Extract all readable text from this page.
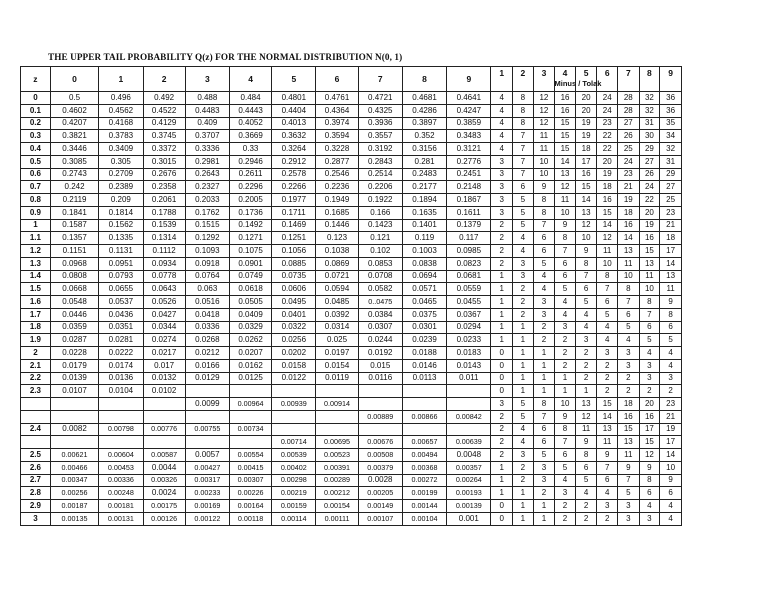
THE UPPER TAIL PROBABILITY Q(z) FOR THE NORMAL DISTRIBUTION N(0, 1)
z	0	1	2	3	4	5	6	7	8	9	1	2	3	4	5	6	7	8	9
0	0.5	0.496	0.492	0.488	0.484	0.4801	0.4761	0.4721	0.4681	0.4641	4	8	12	16	20	24	28	32	36
0.1	0.4602	0.4562	0.4522	0.4483	0.4443	0.4404	0.4364	0.4325	0.4286	0.4247	4	8	12	16	20	24	28	32	36
0.2	0.4207	0.4168	0.4129	0.409	0.4052	0.4013	0.3974	0.3936	0.3897	0.3859	4	8	12	15	19	23	27	31	35
0.3	0.3821	0.3783	0.3745	0.3707	0.3669	0.3632	0.3594	0.3557	0.352	0.3483	4	7	11	15	19	22	26	30	34
0.4	0.3446	0.3409	0.3372	0.3336	0.33	0.3264	0.3228	0.3192	0.3156	0.3121	4	7	11	15	18	22	25	29	32
0.5	0.3085	0.305	0.3015	0.2981	0.2946	0.2912	0.2877	0.2843	0.281	0.2776	3	7	10	14	17	20	24	27	31
0.6	0.2743	0.2709	0.2676	0.2643	0.2611	0.2578	0.2546	0.2514	0.2483	0.2451	3	7	10	13	16	19	23	26	29
0.7	0.242	0.2389	0.2358	0.2327	0.2296	0.2266	0.2236	0.2206	0.2177	0.2148	3	6	9	12	15	18	21	24	27
0.8	0.2119	0.209	0.2061	0.2033	0.2005	0.1977	0.1949	0.1922	0.1894	0.1867	3	5	8	11	14	16	19	22	25
0.9	0.1841	0.1814	0.1788	0.1762	0.1736	0.1711	0.1685	0.166	0.1635	0.1611	3	5	8	10	13	15	18	20	23
1	0.1587	0.1562	0.1539	0.1515	0.1492	0.1469	0.1446	0.1423	0.1401	0.1379	2	5	7	9	12	14	16	19	21
1.1	0.1357	0.1335	0.1314	0.1292	0.1271	0.1251	0.123	0.121	0.119	0.117	2	4	6	8	10	12	14	16	18
1.2	0.1151	0.1131	0.1112	0.1093	0.1075	0.1056	0.1038	0.102	0.1003	0.0985	2	4	6	7	9	11	13	15	17
1.3	0.0968	0.0951	0.0934	0.0918	0.0901	0.0885	0.0869	0.0853	0.0838	0.0823	2	3	5	6	8	10	11	13	14
1.4	0.0808	0.0793	0.0778	0.0764	0.0749	0.0735	0.0721	0.0708	0.0694	0.0681	1	3	4	6	7	8	10	11	13
1.5	0.0668	0.0655	0.0643	0.063	0.0618	0.0606	0.0594	0.0582	0.0571	0.0559	1	2	4	5	6	7	8	10	11
1.6	0.0548	0.0537	0.0526	0.0516	0.0505	0.0495	0.0485	0..0475	0.0465	0.0455	1	2	3	4	5	6	7	8	9
1.7	0.0446	0.0436	0.0427	0.0418	0.0409	0.0401	0.0392	0.0384	0.0375	0.0367	1	2	3	4	4	5	6	7	8
1.8	0.0359	0.0351	0.0344	0.0336	0.0329	0.0322	0.0314	0.0307	0.0301	0.0294	1	1	2	3	4	4	5	6	6
1.9	0.0287	0.0281	0.0274	0.0268	0.0262	0.0256	0.025	0.0244	0.0239	0.0233	1	1	2	2	3	4	4	5	5
2	0.0228	0.0222	0.0217	0.0212	0.0207	0.0202	0.0197	0.0192	0.0188	0.0183	0	1	1	2	2	3	3	4	4
2.1	0.0179	0.0174	0.017	0.0166	0.0162	0.0158	0.0154	0.015	0.0146	0.0143	0	1	1	2	2	2	3	3	4
2.2	0.0139	0.0136	0.0132	0.0129	0.0125	0.0122	0.0119	0.0116	0.0113	0.011	0	1	1	1	2	2	2	3	3
2.3	0.0107	0.0104	0.0102								0	1	1	1	1	2	2	2	2
				0.0099	0.00964	0.00939	0.00914				3	5	8	10	13	15	18	20	23
								0.00889	0.00866	0.00842	2	5	7	9	12	14	16	16	21
2.4	0.0082	0.00798	0.00776	0.00755	0.00734						2	4	6	8	11	13	15	17	19
						0.00714	0.00695	0.00676	0.00657	0.00639	2	4	6	7	9	11	13	15	17
2.5	0.00621	0.00604	0.00587	0.0057	0.00554	0.00539	0.00523	0.00508	0.00494	0.0048	2	3	5	6	8	9	11	12	14
2.6	0.00466	0.00453	0.0044	0.00427	0.00415	0.00402	0.00391	0.00379	0.00368	0.00357	1	2	3	5	6	7	9	9	10
2.7	0.00347	0.00336	0.00326	0.00317	0.00307	0.00298	0.00289	0.0028	0.00272	0.00264	1	2	3	4	5	6	7	8	9
2.8	0.00256	0.00248	0.0024	0.00233	0.00226	0.00219	0.00212	0.00205	0.00199	0.00193	1	1	2	3	4	4	5	6	6
2.9	0.00187	0.00181	0.00175	0.00169	0.00164	0.00159	0.00154	0.00149	0.00144	0.00139	0	1	1	2	2	3	3	4	4
3	0.00135	0.00131	0.00126	0.00122	0.00118	0.00114	0.00111	0.00107	0.00104	0.001	0	1	1	2	2	2	3	3	4
Minus / Tolak
